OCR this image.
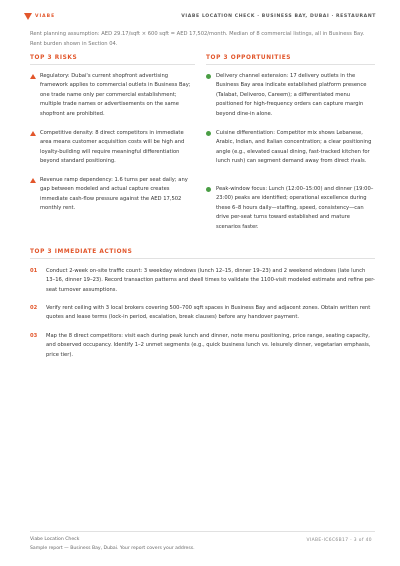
VIABE	VIABE LOCATION CHECK · BUSINESS BAY, DUBAI · RESTAURANT
Rent planning assumption: AED 29.17/sqft × 600 sqft = AED 17,502/month. Median of 8 commercial listings, all in Business Bay. Rent burden shown in Section 04.
TOP 3 RISKS	TOP 3 OPPORTUNITIES
Regulatory: Dubai's current shopfront advertising framework applies to commercial outlets in Business Bay; one trade name only per commercial establishment; multiple trade names or advertisements on the same shopfront are prohibited.
Competitive density: 8 direct competitors in immediate area means customer acquisition costs will be high and loyalty-building will require meaningful differentiation beyond standard positioning.
Revenue ramp dependency: 1.6 turns per seat daily; any gap between modeled and actual capture creates immediate cash-flow pressure against the AED 17,502 monthly rent.
Delivery channel extension: 17 delivery outlets in the Business Bay area indicate established platform presence (Talabat, Deliveroo, Careem); a differentiated menu positioned for high-frequency orders can capture margin beyond dine-in alone.
Cuisine differentiation: Competitor mix shows Lebanese, Arabic, Indian, and Italian concentration; a clear positioning angle (e.g., elevated casual dining, fast-tracked kitchen for lunch rush) can segment demand away from direct rivals.
Peak-window focus: Lunch (12:00–15:00) and dinner (19:00–23:00) peaks are identified; operational excellence during these 6–8 hours daily—staffing, speed, consistency—can drive per-seat turns toward established and mature scenarios faster.
TOP 3 IMMEDIATE ACTIONS
01 Conduct 2-week on-site traffic count: 3 weekday windows (lunch 12–15, dinner 19–23) and 2 weekend windows (late lunch 13–16, dinner 19–23). Record transaction patterns and dwell times to validate the 1100-visit modeled estimate and refine per-seat turnover assumptions.
02 Verify rent ceiling with 3 local brokers covering 500–700 sqft spaces in Business Bay and adjacent zones. Obtain written rent quotes and lease terms (lock-in period, escalation, break clauses) before any handover payment.
03 Map the 8 direct competitors: visit each during peak lunch and dinner, note menu positioning, price range, seating capacity, and observed occupancy. Identify 1–2 unmet segments (e.g., quick business lunch vs. leisurely dinner, vegetarian emphasis, price tier).
Viabe Location Check
Sample report — Business Bay, Dubai. Your report covers your address.
VIABE-IC6C6B17 · 3 of 40
